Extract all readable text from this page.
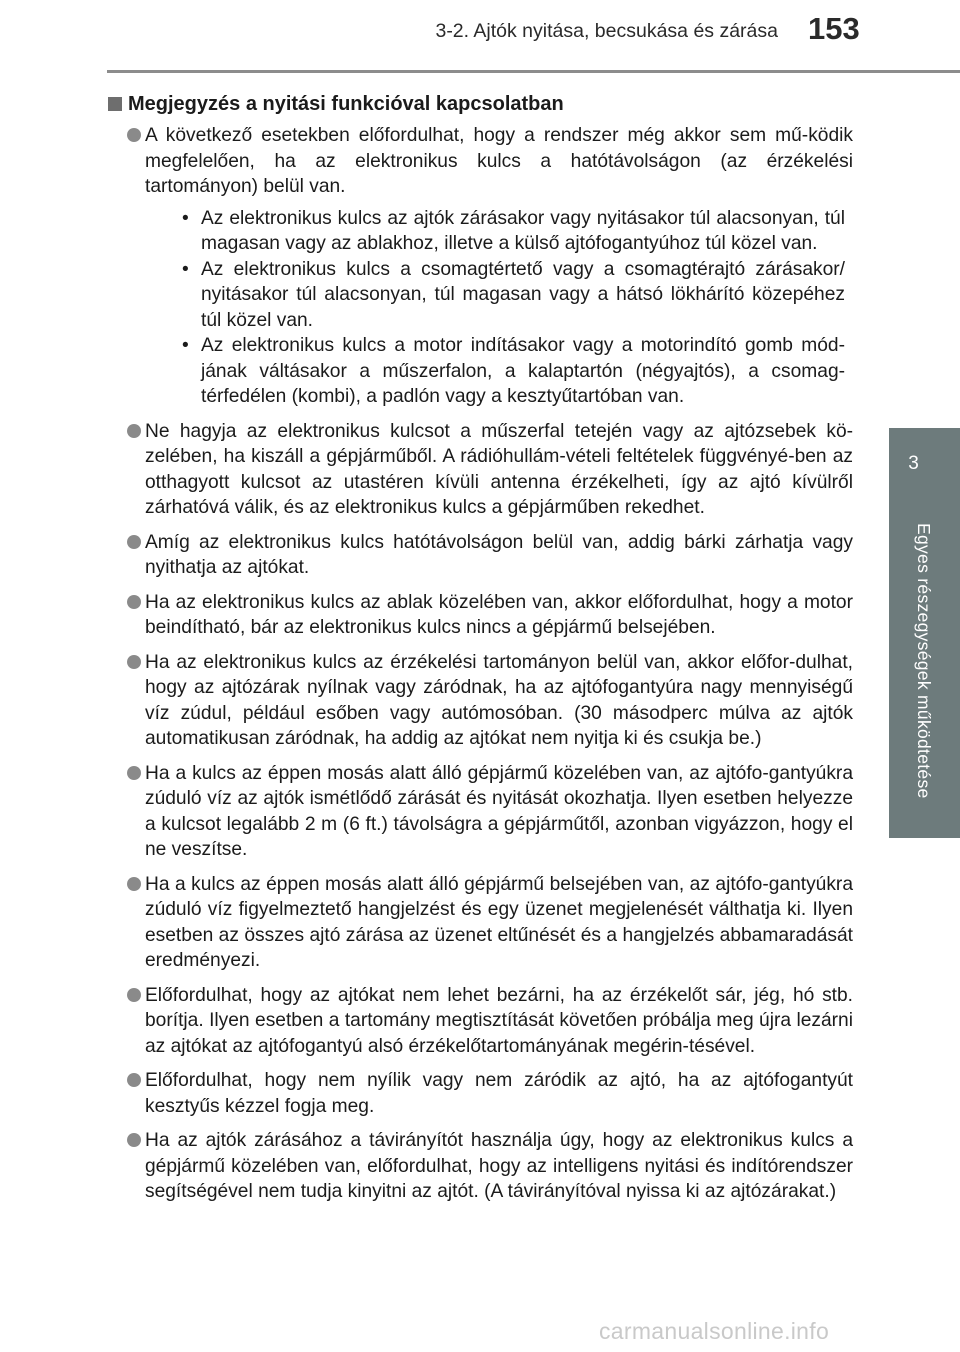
3-2. Ajtók nyitása, becsukása és zárása 153
3
Egyes részegységek működtetése
Megjegyzés a nyitási funkcióval kapcsolatban
A következő esetekben előfordulhat, hogy a rendszer még akkor sem mű-ködik megfelelően, ha az elektronikus kulcs a hatótávolságon (az érzékelési tartományon) belül van.
• Az elektronikus kulcs az ajtók zárásakor vagy nyitásakor túl alacsonyan, túl magasan vagy az ablakhoz, illetve a külső ajtófogantyúhoz túl közel van.
• Az elektronikus kulcs a csomagtértető vagy a csomagtérajtó zárásakor/ nyitásakor túl alacsonyan, túl magasan vagy a hátsó lökhárító közepéhez túl közel van.
• Az elektronikus kulcs a motor indításakor vagy a motorindító gomb mód-jának váltásakor a műszerfalon, a kalaptartón (négyajtós), a csomag-térfedélen (kombi), a padlón vagy a kesztyűtartóban van.
Ne hagyja az elektronikus kulcsot a műszerfal tetején vagy az ajtózsebek kö-zelében, ha kiszáll a gépjárműből. A rádióhullám-vételi feltételek függvényé-ben az otthagyott kulcsot az utastéren kívüli antenna érzékelheti, így az ajtó kívülről zárhatóvá válik, és az elektronikus kulcs a gépjárműben rekedhet.
Amíg az elektronikus kulcs hatótávolságon belül van, addig bárki zárhatja vagy nyithatja az ajtókat.
Ha az elektronikus kulcs az ablak közelében van, akkor előfordulhat, hogy a motor beindítható, bár az elektronikus kulcs nincs a gépjármű belsejében.
Ha az elektronikus kulcs az érzékelési tartományon belül van, akkor előfor-dulhat, hogy az ajtózárak nyílnak vagy záródnak, ha az ajtófogantyúra nagy mennyiségű víz zúdul, például esőben vagy autómosóban. (30 másodperc múlva az ajtók automatikusan záródnak, ha addig az ajtókat nem nyitja ki és csukja be.)
Ha a kulcs az éppen mosás alatt álló gépjármű közelében van, az ajtófo-gantyúkra zúduló víz az ajtók ismétlődő zárását és nyitását okozhatja. Ilyen esetben helyezze a kulcsot legalább 2 m (6 ft.) távolságra a gépjárműtől, azonban vigyázzon, hogy el ne veszítse.
Ha a kulcs az éppen mosás alatt álló gépjármű belsejében van, az ajtófo-gantyúkra zúduló víz figyelmeztető hangjelzést és egy üzenet megjelenését válthatja ki. Ilyen esetben az összes ajtó zárása az üzenet eltűnését és a hangjelzés abbamaradását eredményezi.
Előfordulhat, hogy az ajtókat nem lehet bezárni, ha az érzékelőt sár, jég, hó stb. borítja. Ilyen esetben a tartomány megtisztítását követően próbálja meg újra lezárni az ajtókat az ajtófogantyú alsó érzékelőtartományának megérin-tésével.
Előfordulhat, hogy nem nyílik vagy nem záródik az ajtó, ha az ajtófogantyút kesztyűs kézzel fogja meg.
Ha az ajtók zárásához a távirányítót használja úgy, hogy az elektronikus kulcs a gépjármű közelében van, előfordulhat, hogy az intelligens nyitási és indítórendszer segítségével nem tudja kinyitni az ajtót. (A távirányítóval nyissa ki az ajtózárakat.)
carmanualsonline.info
